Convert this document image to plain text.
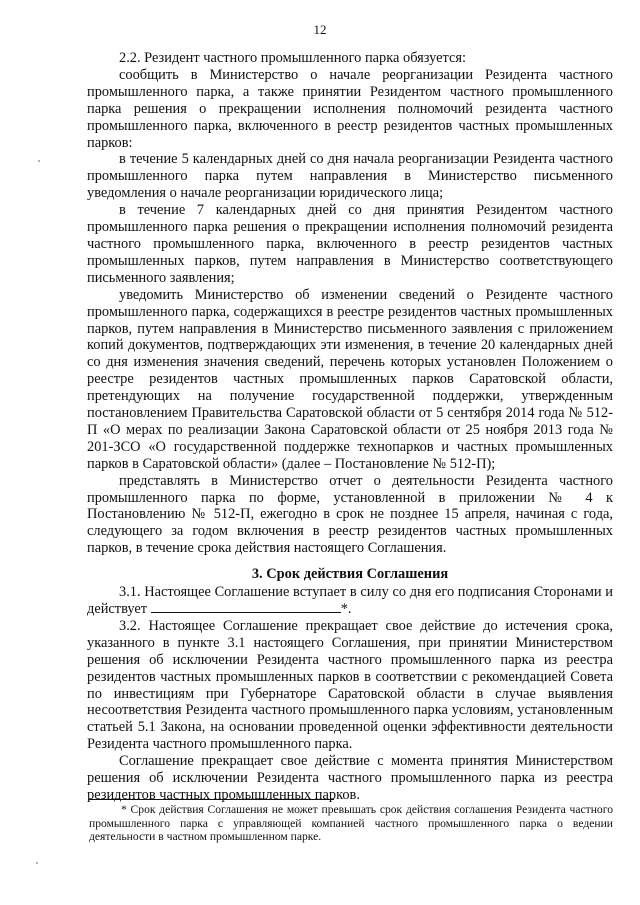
12

2.2. Резидент частного промышленного парка обязуется:

сообщить в Министерство о начале реорганизации Резидента частного промышленного парка, а также принятии Резидентом частного промышленного парка решения о прекращении исполнения полномочий резидента частного промышленного парка, включенного в реестр резидентов частных промышленных парков:

в течение 5 календарных дней со дня начала реорганизации Резидента частного промышленного парка путем направления в Министерство письменного уведомления о начале реорганизации юридического лица;

в течение 7 календарных дней со дня принятия Резидентом частного промышленного парка решения о прекращении исполнения полномочий резидента частного промышленного парка, включенного в реестр резидентов частных промышленных парков, путем направления в Министерство соответствующего письменного заявления;

уведомить Министерство об изменении сведений о Резиденте частного промышленного парка, содержащихся в реестре резидентов частных промышленных парков, путем направления в Министерство письменного заявления с приложением копий документов, подтверждающих эти изменения, в течение 20 календарных дней со дня изменения значения сведений, перечень которых установлен Положением о реестре резидентов частных промышленных парков Саратовской области, претендующих на получение государственной поддержки, утвержденным постановлением Правительства Саратовской области от 5 сентября 2014 года № 512-П «О мерах по реализации Закона Саратовской области от 25 ноября 2013 года № 201-ЗСО «О государственной поддержке технопарков и частных промышленных парков в Саратовской области» (далее – Постановление № 512-П);

представлять в Министерство отчет о деятельности Резидента частного промышленного парка по форме, установленной в приложении № 4 к Постановлению № 512-П, ежегодно в срок не позднее 15 апреля, начиная с года, следующего за годом включения в реестр резидентов частных промышленных парков, в течение срока действия настоящего Соглашения.

3. Срок действия Соглашения

3.1. Настоящее Соглашение вступает в силу со дня его подписания Сторонами и действует	*.

3.2. Настоящее Соглашение прекращает свое действие до истечения срока, указанного в пункте 3.1 настоящего Соглашения, при принятии Министерством решения об исключении Резидента частного промышленного парка из реестра резидентов частных промышленных парков в соответствии с рекомендацией Совета по инвестициям при Губернаторе Саратовской области в случае выявления несоответствия Резидента частного промышленного парка условиям, установленным статьей 5.1 Закона, на основании проведенной оценки эффективности деятельности Резидента частного промышленного парка.

Соглашение прекращает свое действие с момента принятия Министерством решения об исключении Резидента частного промышленного парка из реестра резидентов частных промышленных парков.

* Срок действия Соглашения не может превышать срок действия соглашения Резидента частного промышленного парка с управляющей компанией частного промышленного парка о ведении деятельности в частном промышленном парке.
